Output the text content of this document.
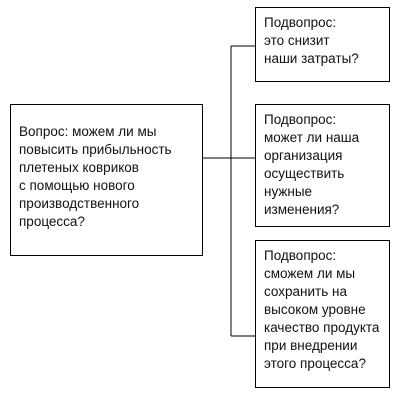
Вопрос: можем ли мы
повысить прибыльность
плетеных ковриков
с помощью нового
производственного
процесса?
Подвопрос:
это снизит
наши затраты?
Подвопрос:
может ли наша
организация
осуществить
нужные
изменения?
Подвопрос:
сможем ли мы
сохранить на
высоком уровне
качество продукта
при внедрении
этого процесса?
